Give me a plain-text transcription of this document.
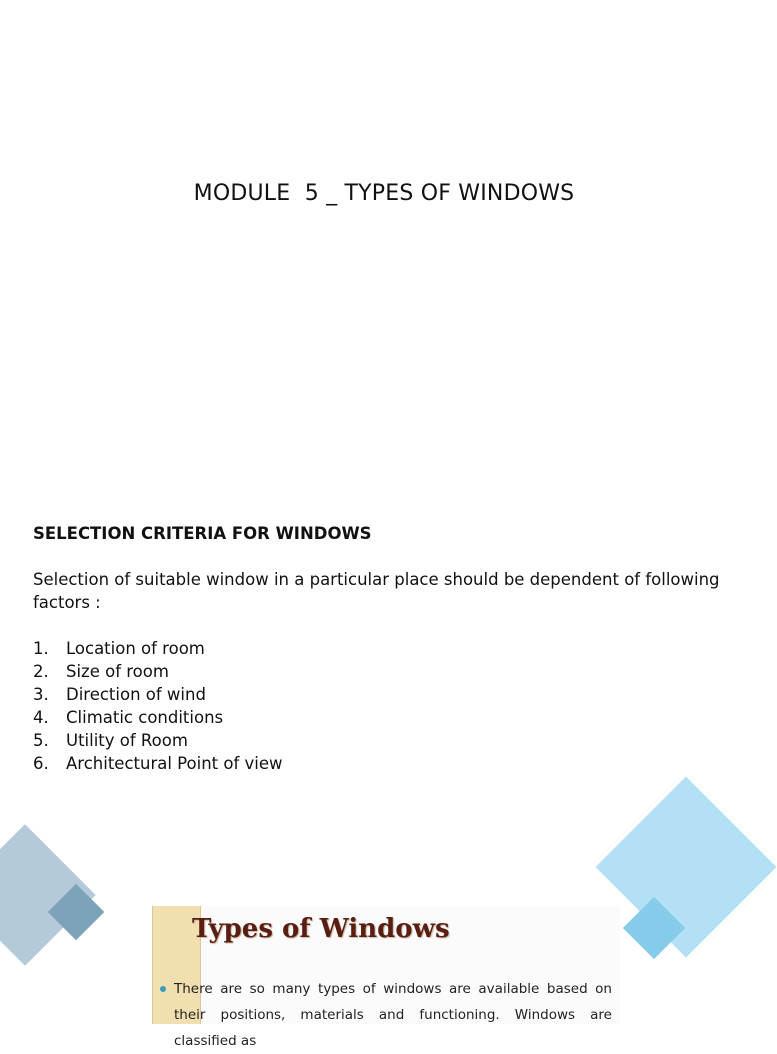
MODULE  5 _ TYPES OF WINDOWS
SELECTION CRITERIA FOR WINDOWS
Selection of suitable window in a particular place should be dependent of following factors :
1.	Location of room
2.	Size of room
3.	Direction of wind
4.	Climatic conditions
5.	Utility of Room
6.	Architectural Point of view
Types of Windows
There are so many types of windows are available based on their positions, materials and functioning. Windows are classified as
